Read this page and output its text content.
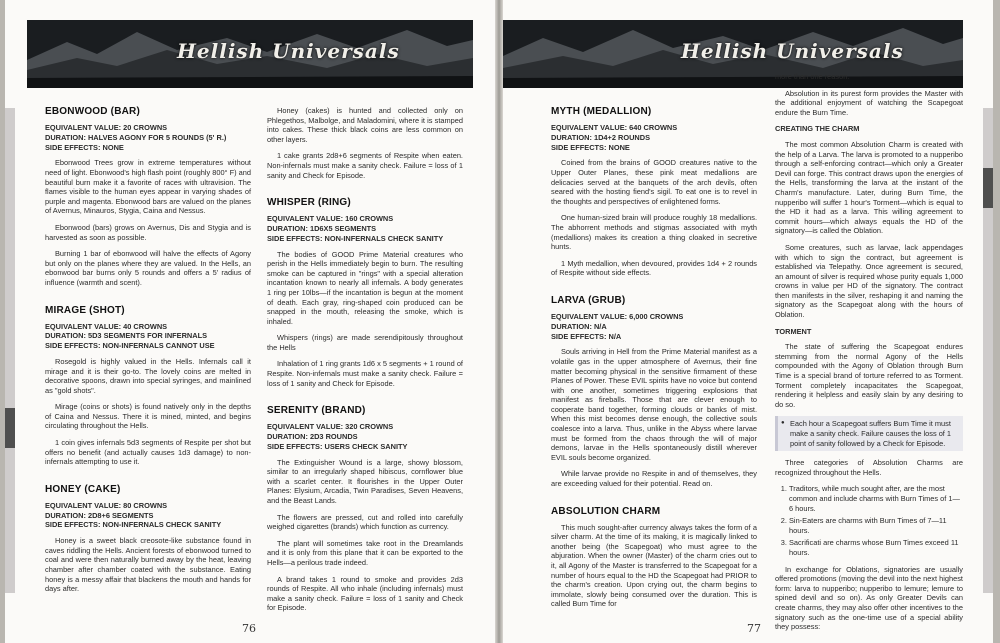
Hellish Universals
EBONWOOD (BAR)
EQUIVALENT VALUE: 20 CROWNS
DURATION: HALVES AGONY FOR 5 ROUNDS (5' R.)
SIDE EFFECTS: NONE

Ebonwood Trees grow in extreme temperatures without need of light. Ebonwood's high flash point (roughly 800° F) and beautiful burn make it a favorite of races with ultravision. The flames visible to the human eyes appear in varying shades of purple and magenta. Ebonwood bars are valued on the planes of Avernus, Minauros, Stygia, Caina and Nessus.

Ebonwood (bars) grows on Avernus, Dis and Stygia and is harvested as soon as possible.

Burning 1 bar of ebonwood will halve the effects of Agony but only on the planes where they are valued. In the Hells, an ebonwood bar burns only 5 rounds and offers a 5' radius of influence (warmth and scent).

MIRAGE (SHOT)
EQUIVALENT VALUE: 40 CROWNS
DURATION: 5D3 SEGMENTS FOR INFERNALS
SIDE EFFECTS: NON-INFERNALS CANNOT USE

Rosegold is highly valued in the Hells. Infernals call it mirage and it is their go-to. The lovely coins are melted in decorative spoons, drawn into special syringes, and mainlined as "gold shots".

Mirage (coins or shots) is found natively only in the depths of Caina and Nessus. There it is mined, minted, and begins circulating throughout the Hells.

1 coin gives infernals 5d3 segments of Respite per shot but offers no benefit (and actually causes 1d3 damage) to non-infernals attempting to use it.

HONEY (CAKE)
EQUIVALENT VALUE: 80 CROWNS
DURATION: 2D8+6 SEGMENTS
SIDE EFFECTS: NON-INFERNALS CHECK SANITY

Honey is a sweet black creosote-like substance found in caves riddling the Hells. Ancient forests of ebonwood turned to coal and were then naturally burned away by the heat, leaving chamber after chamber coated with the substance. Eating honey is a messy affair that blackens the mouth and hands for days after.

Honey (cakes) is hunted and collected only on Phlegethos, Malbolge, and Maladomini, where it is stamped into cakes. These thick black coins are less common on other layers.

1 cake grants 2d8+6 segments of Respite when eaten. Non-infernals must make a sanity check. Failure = loss of 1 sanity and Check for Episode.

WHISPER (RING)
EQUIVALENT VALUE: 160 CROWNS
DURATION: 1D6X5 SEGMENTS
SIDE EFFECTS: NON-INFERNALS CHECK SANITY

The bodies of GOOD Prime Material creatures who perish in the Hells immediately begin to burn. The resulting smoke can be captured in "rings" with a special alteration incantation known to nearly all infernals. A body generates 1 ring per 10lbs—if the incantation is begun at the moment of death. Each gray, ring-shaped coin produced can be snapped in the mouth, releasing the smoke, which is inhaled.

Whispers (rings) are made serendipitously throughout the Hells

Inhalation of 1 ring grants 1d6 x 5 segments + 1 round of Respite. Non-infernals must make a sanity check. Failure = loss of 1 sanity and Check for Episode.

SERENITY (BRAND)
EQUIVALENT VALUE: 320 CROWNS
DURATION: 2D3 ROUNDS
SIDE EFFECTS: USERS CHECK SANITY

The Extinguisher Wound is a large, showy blossom, similar to an irregularly shaped hibiscus, cornflower blue with a scarlet center. It flourishes in the Upper Outer Planes: Elysium, Arcadia, Twin Paradises, Seven Heavens, and the Beast Lands.

The flowers are pressed, cut and rolled into carefully weighed cigarettes (brands) which function as currency.

The plant will sometimes take root in the Dreamlands and it is only from this plane that it can be exported to the Hells—a perilous trade indeed.

A brand takes 1 round to smoke and provides 2d3 rounds of Respite. All who inhale (including infernals) must make a sanity check. Failure = loss of 1 sanity and Check for Episode.

76
Hellish Universals
MYTH (MEDALLION)
EQUIVALENT VALUE: 640 CROWNS
DURATION: 1D4+2 ROUNDS
SIDE EFFECTS: NONE

Coined from the brains of GOOD creatures native to the Upper Outer Planes, these pink meat medallions are delicacies served at the banquets of the arch devils, often seared with the hosting fiend's sigil. To eat one is to revel in the thoughts and perspectives of enlightened forms.

One human-sized brain will produce roughly 18 medallions. The abhorrent methods and stigmas associated with myth (medallions) makes its creation a thing cloaked in secretive hunts.

1 Myth medallion, when devoured, provides 1d4 + 2 rounds of Respite without side effects.

LARVA (GRUB)
EQUIVALENT VALUE: 6,000 CROWNS
DURATION: N/A
SIDE EFFECTS: N/A

Souls arriving in Hell from the Prime Material manifest as a volatile gas in the upper atmosphere of Avernus, their fine matter becoming physical in the sensitive firmament of these Planes of Power. These EVIL spirits have no voice but contend with one another, sometimes triggering explosions that manifest as fireballs. Those that are clever enough to cooperate band together, forming clouds or banks of mist. When this mist becomes dense enough, the collective souls coalesce into a larva. Thus, unlike in the Abyss where larvae must be formed from the chaos through the will of major demons, larvae in the Hells spontaneously distill wherever EVIL souls become organized.

While larvae provide no Respite in and of themselves, they are exceeding valued for their potential. Read on.

ABSOLUTION CHARM

This much sought-after currency always takes the form of a silver charm. At the time of its making, it is magically linked to another being (the Scapegoat) who must agree to the abjuration. When the owner (Master) of the charm cries out to it, all Agony of the Master is transferred to the Scapegoat for a number of hours equal to the HD the Scapegoat had PRIOR to the charm's creation. Upon crying out, the charm begins to immolate, slowly being consumed over the duration. This is called Burn Time for

more than one reason.

Absolution in its purest form provides the Master with the additional enjoyment of watching the Scapegoat endure the Burn Time.

CREATING THE CHARM

The most common Absolution Charm is created with the help of a Larva. The larva is promoted to a nupperibo through a self-enforcing contract—which only a Greater Devil can forge. This contract draws upon the energies of the Hells, transforming the larva at the instant of the Charm's manufacture. Later, during Burn Time, the nupperibo will suffer 1 hour's Torment—which is equal to the HD it had as a larva. This willing agreement to commit hours—which always equals the HD of the signatory—is called the Oblation.

Some creatures, such as larvae, lack appendages with which to sign the contract, but agreement is established via Telepathy. Once agreement is secured, an amount of silver is required whose purity equals 1,000 crowns in value per HD of the signatory. The contract then manifests in the silver, reshaping it and naming the signatory as the Scapegoat along with the hours of Oblation.

TORMENT

The state of suffering the Scapegoat endures stemming from the normal Agony of the Hells compounded with the Agony of Oblation through Burn Time is a special brand of torture referred to as Torment. Torment completely incapacitates the Scapegoat, rendering it helpless and easily slain by any desiring to do so.

● Each hour a Scapegoat suffers Burn Time it must make a sanity check. Failure causes the loss of 1 point of sanity followed by a Check for Episode.

Three categories of Absolution Charms are recognized throughout the Hells.

1. Traditors, while much sought after, are the most common and include charms with Burn Times of 1—6 hours.
2. Sin-Eaters are charms with Burn Times of 7—11 hours.
3. Sacrificati are charms whose Burn Times exceed 11 hours.

In exchange for Oblations, signatories are usually offered promotions (moving the devil into the next highest form: larva to nupperibo; nupperibo to lemure; lemure to spined devil and so on). As only Greater Devils can create charms, they may also offer other incentives to the signatory such as the one-time use of a special ability they possess:

77
